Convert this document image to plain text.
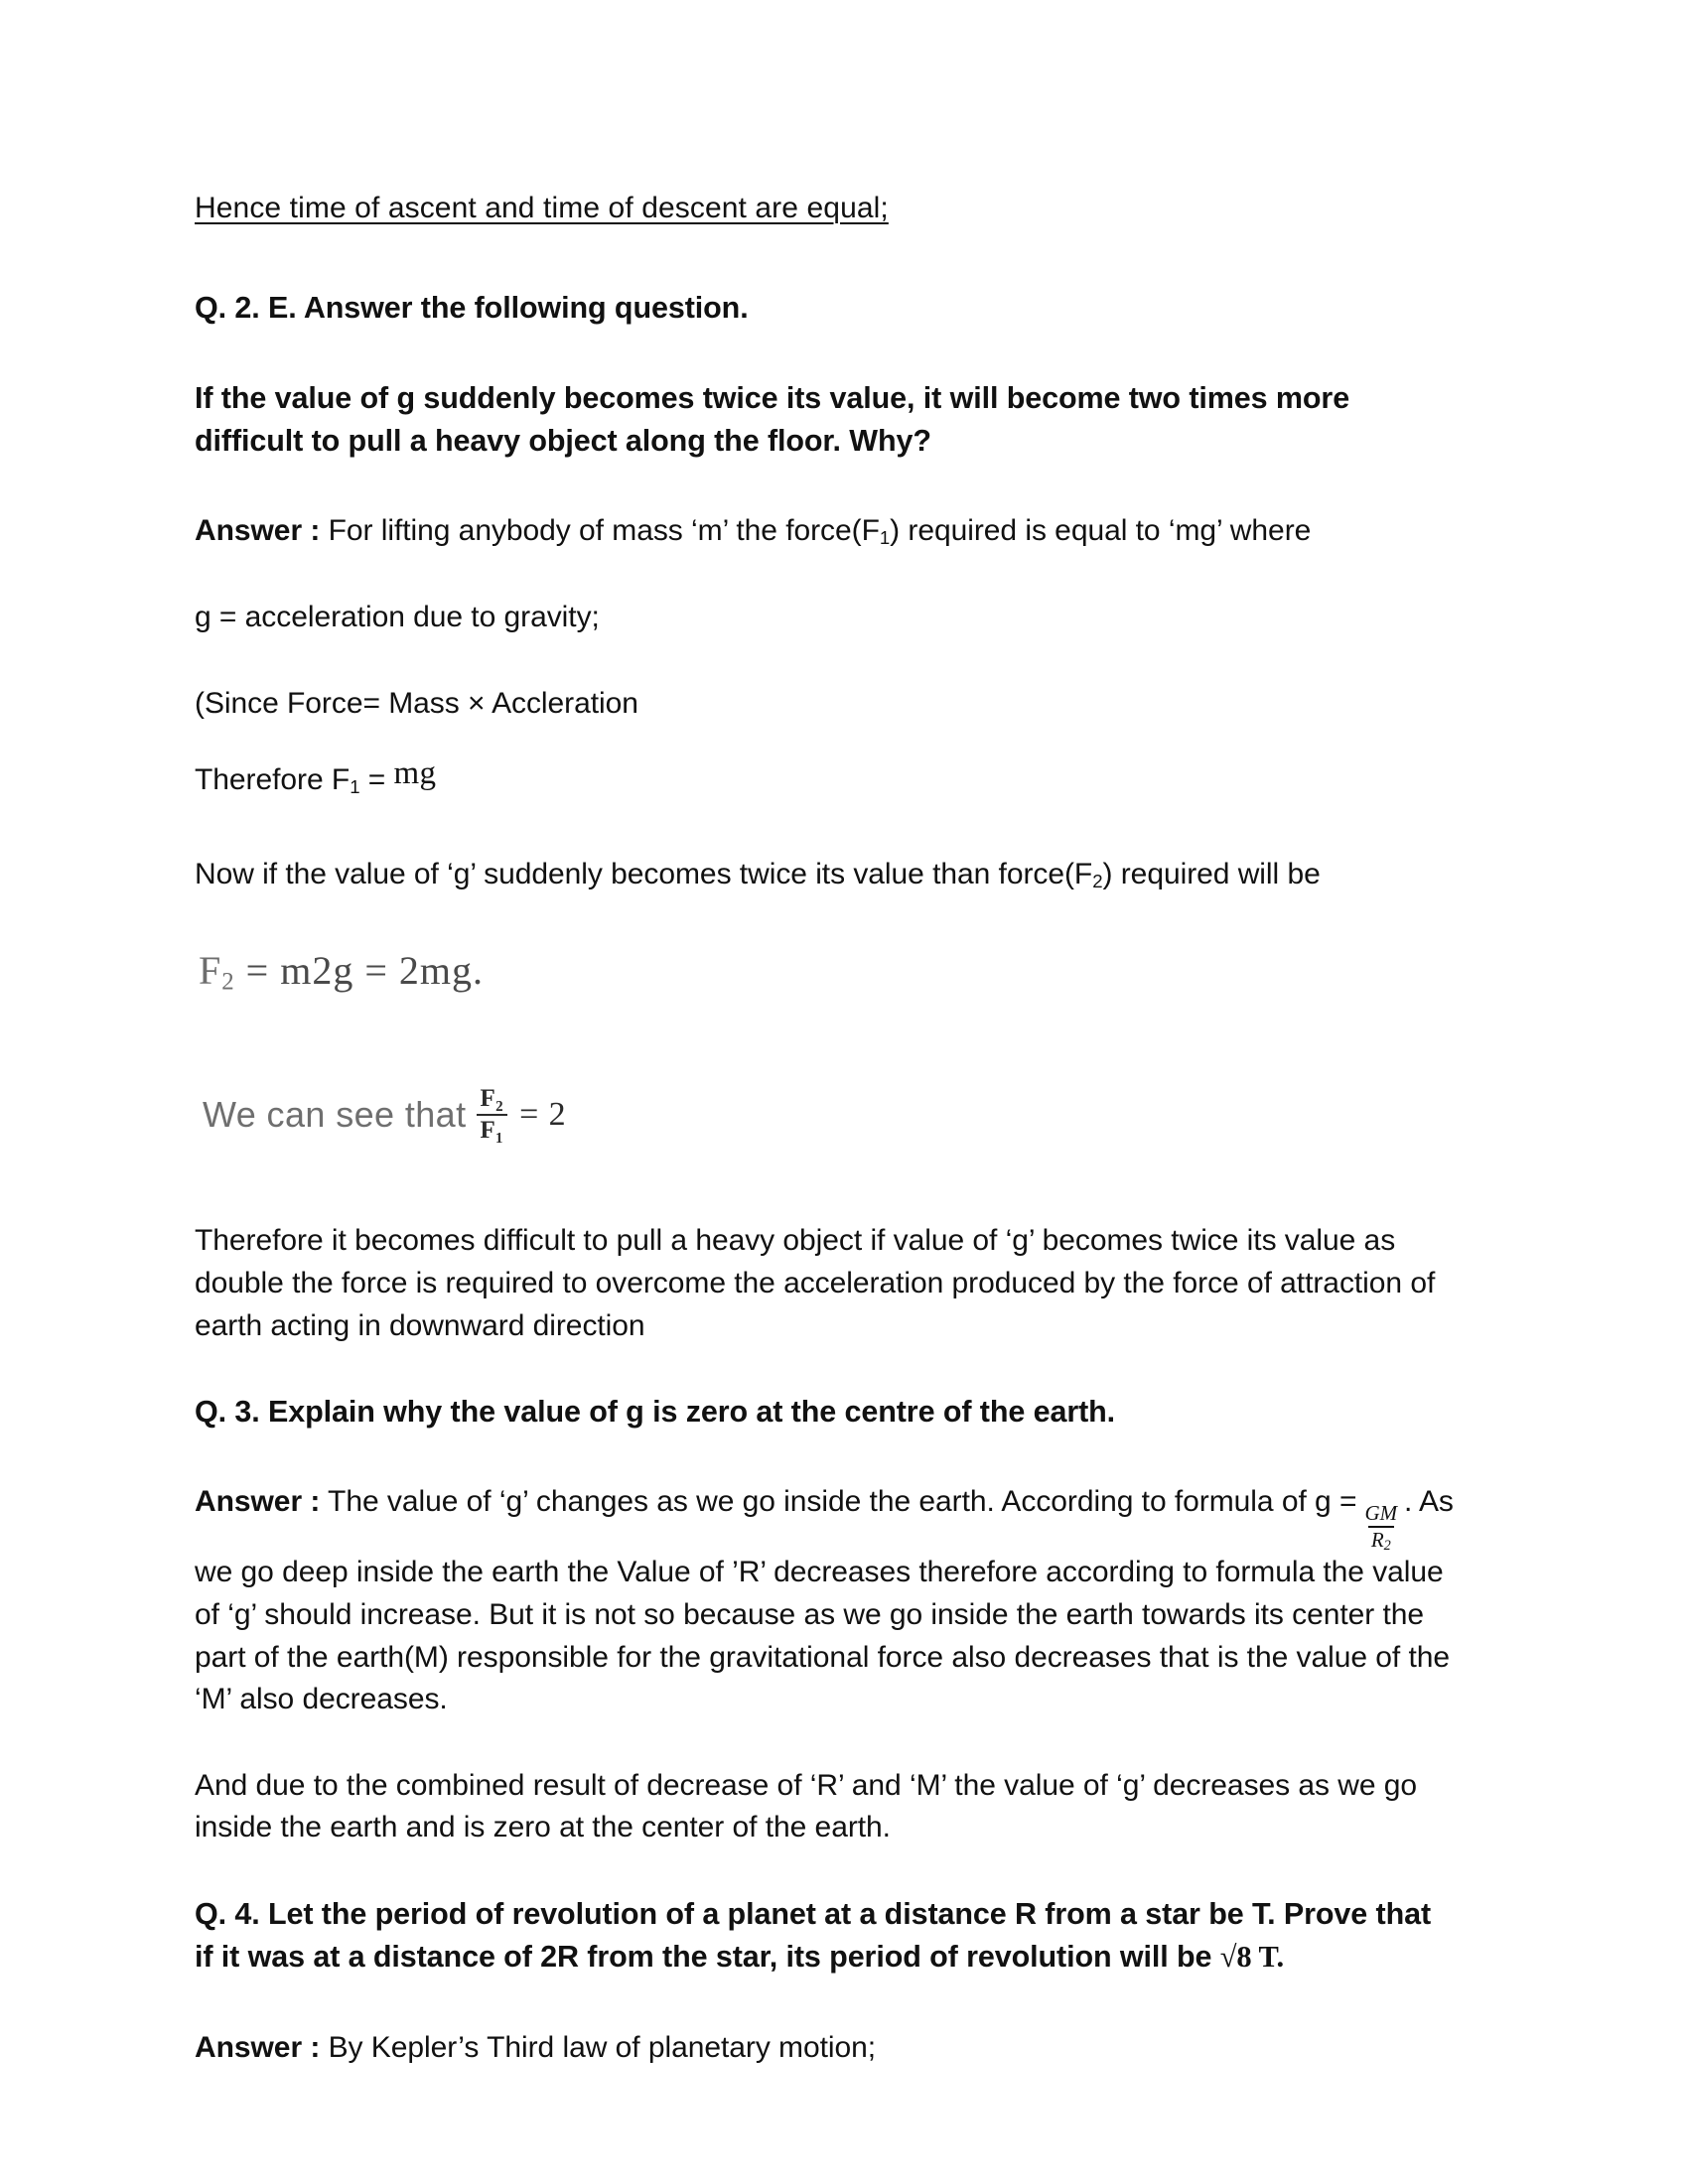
Hence time of ascent and time of descent are equal;

Q. 2. E. Answer the following question.

If the value of g suddenly becomes twice its value, it will become two times more difficult to pull a heavy object along the floor. Why?

Answer : For lifting anybody of mass ‘m’ the $force(F_1)$ required is equal to ‘mg’ where

g = acceleration due to gravity;

(Since Force= Mass × Accleration

Therefore $F_1$ = mg

Now if the value of ‘g’ suddenly becomes twice its value than $force(F_2)$ required will be

$F_2 = m2g = 2mg$.
We can see that $\frac{\text{F₂}}{\text{F₁}} = 2$

Therefore it becomes difficult to pull a heavy object if value of ‘g’ becomes twice its value as double the force is required to overcome the acceleration produced by the force of attraction of earth acting in downward direction

Q. 3. Explain why the value of g is zero at the centre of the earth.

Answer : The value of ‘g’ changes as we go inside the earth. According to formula of g =
$\frac{GM}{R_2}$
. As we go deep inside the earth the Value of ’R’ decreases therefore according to formula the value of ‘g’ should increase. But it is not so because as we go inside the earth towards its center the part of the earth(M) responsible for the gravitational force also decreases that is the value of the ‘M’ also decreases.

And due to the combined result of decrease of ‘R’ and ‘M’ the value of ‘g’ decreases as we go inside the earth and is zero at the center of the earth.

Q. 4. Let the period of revolution of a planet at a distance R from a star be T. Prove that if it was at a distance of 2R from the star, its period of revolution will be √8 T.

Answer : By Kepler’s Third law of planetary motion;
